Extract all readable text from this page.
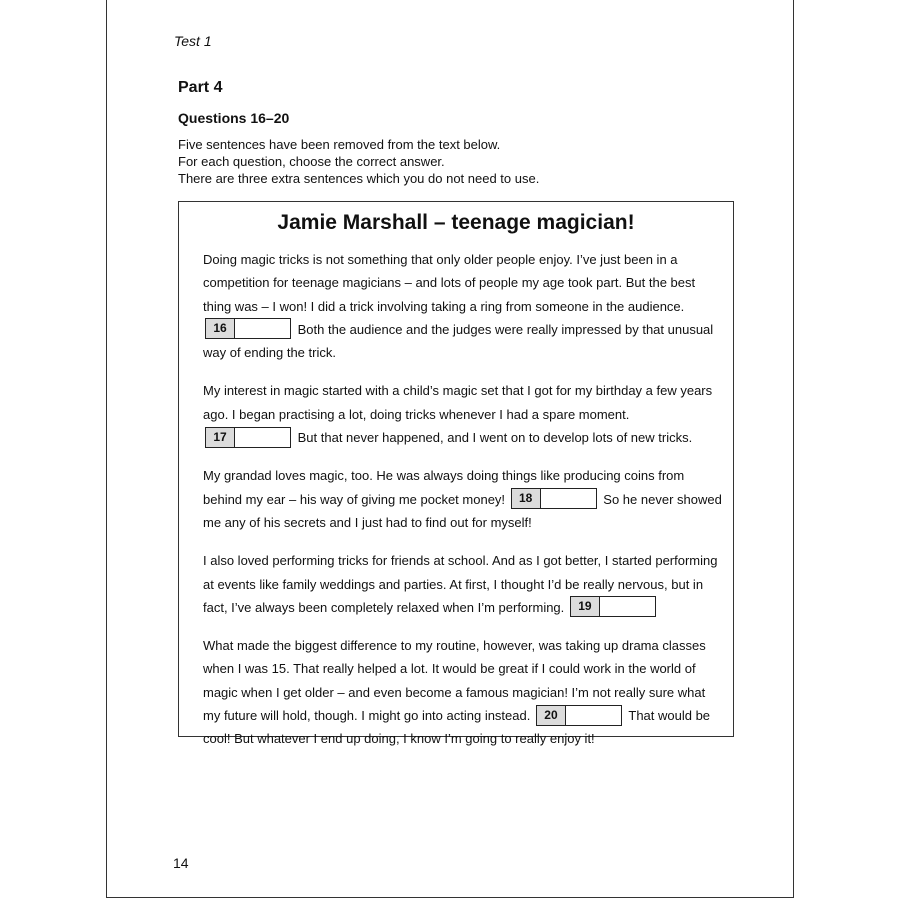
Test 1
Part 4
Questions 16–20
Five sentences have been removed from the text below.
For each question, choose the correct answer.
There are three extra sentences which you do not need to use.
Jamie Marshall – teenage magician!

Doing magic tricks is not something that only older people enjoy. I’ve just been in a competition for teenage magicians – and lots of people my age took part. But the best thing was – I won! I did a trick involving taking a ring from someone in the audience.
16	Both the audience and the judges were really impressed by that unusual way of ending the trick.

My interest in magic started with a child’s magic set that I got for my birthday a few years ago. I began practising a lot, doing tricks whenever I had a spare moment.
17	But that never happened, and I went on to develop lots of new tricks.

My grandad loves magic, too. He was always doing things like producing coins from behind my ear – his way of giving me pocket money!	18	So he never showed me any of his secrets and I just had to find out for myself!

I also loved performing tricks for friends at school. And as I got better, I started performing at events like family weddings and parties. At first, I thought I’d be really nervous, but in fact, I’ve always been completely relaxed when I’m performing.	19

What made the biggest difference to my routine, however, was taking up drama classes when I was 15. That really helped a lot. It would be great if I could work in the world of magic when I get older – and even become a famous magician! I’m not really sure what my future will hold, though. I might go into acting instead.	20	That would be cool! But whatever I end up doing, I know I’m going to really enjoy it!

14
